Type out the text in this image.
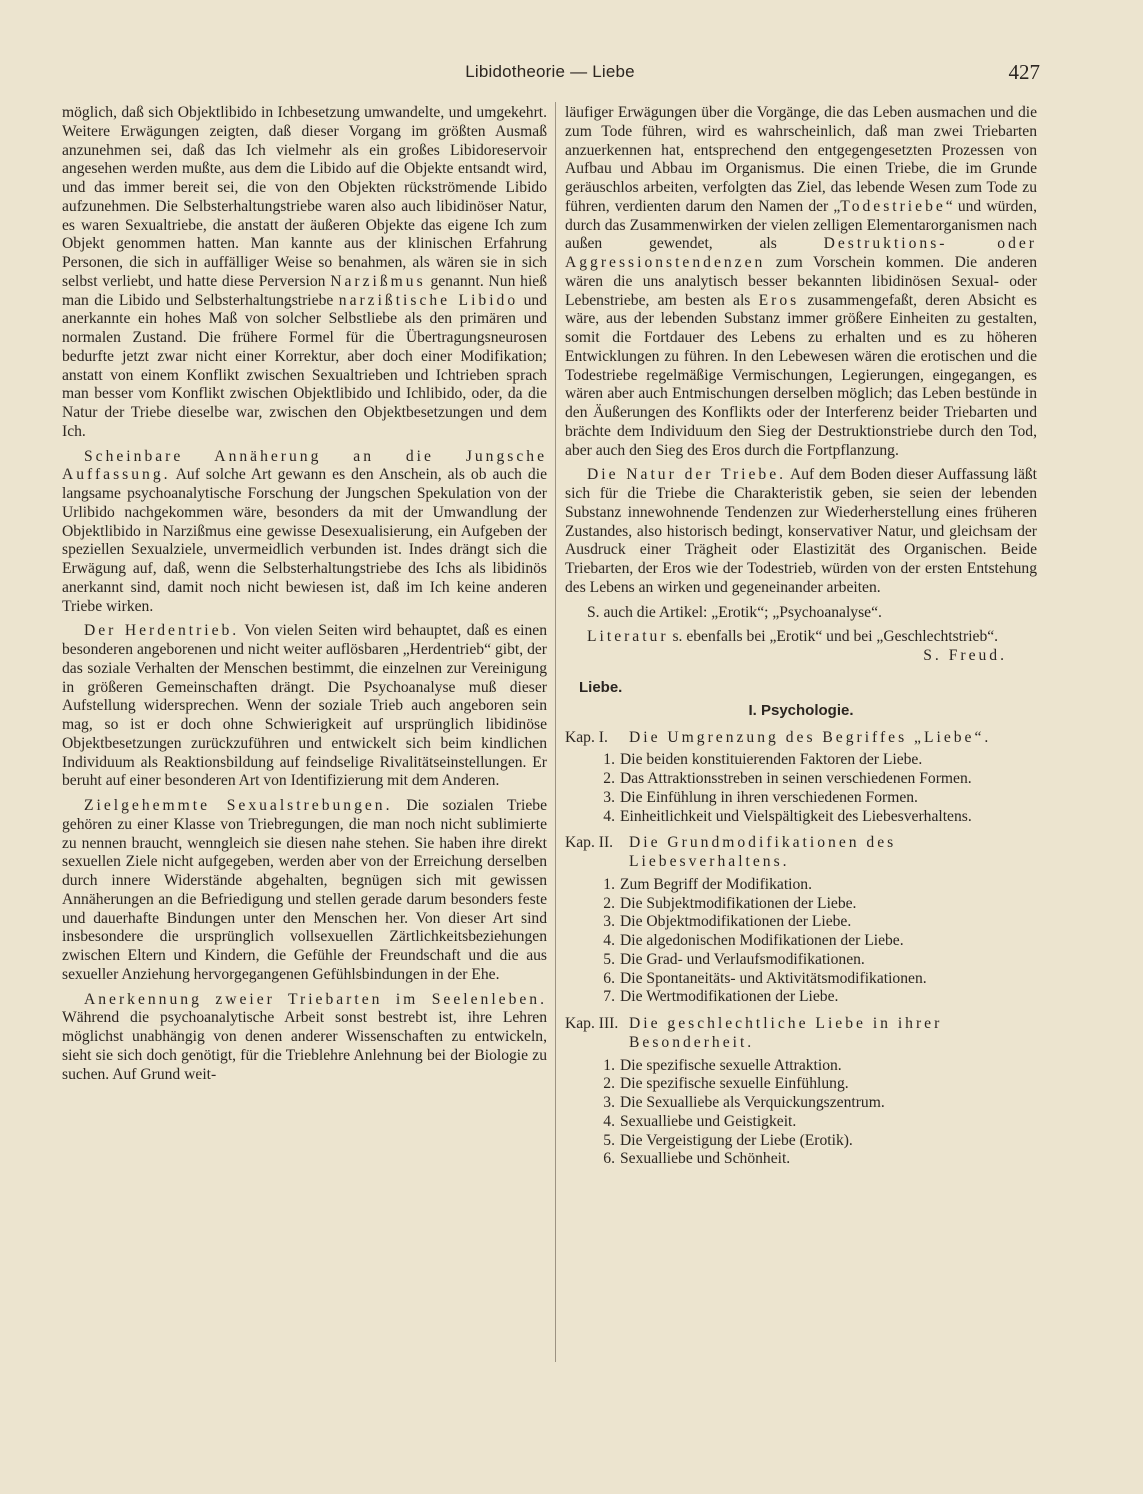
Libidotheorie — Liebe	427

möglich, daß sich Objektlibido in Ichbesetzung umwandelte, und umgekehrt. Weitere Erwägungen zeigten, daß dieser Vorgang im größten Ausmaß anzunehmen sei, daß das Ich vielmehr als ein großes Libidoreservoir angesehen werden mußte, aus dem die Libido auf die Objekte entsandt wird, und das immer bereit sei, die von den Objekten rückströmende Libido aufzunehmen. Die Selbsterhaltungstriebe waren also auch libidinöser Natur, es waren Sexualtriebe, die anstatt der äußeren Objekte das eigene Ich zum Objekt genommen hatten. Man kannte aus der klinischen Erfahrung Personen, die sich in auffälliger Weise so benahmen, als wären sie in sich selbst verliebt, und hatte diese Perversion Narzißmus genannt. Nun hieß man die Libido und Selbsterhaltungstriebe narzißtische Libido und anerkannte ein hohes Maß von solcher Selbstliebe als den primären und normalen Zustand. Die frühere Formel für die Übertragungsneurosen bedurfte jetzt zwar nicht einer Korrektur, aber doch einer Modifikation; anstatt von einem Konflikt zwischen Sexualtrieben und Ichtrieben sprach man besser vom Konflikt zwischen Objektlibido und Ichlibido, oder, da die Natur der Triebe dieselbe war, zwischen den Objektbesetzungen und dem Ich.

Scheinbare Annäherung an die Jungsche Auffassung. Auf solche Art gewann es den Anschein, als ob auch die langsame psychoanalytische Forschung der Jungschen Spekulation von der Urlibido nachgekommen wäre, besonders da mit der Umwandlung der Objektlibido in Narzißmus eine gewisse Desexualisierung, ein Aufgeben der speziellen Sexualziele, unvermeidlich verbunden ist. Indes drängt sich die Erwägung auf, daß, wenn die Selbsterhaltungstriebe des Ichs als libidinös anerkannt sind, damit noch nicht bewiesen ist, daß im Ich keine anderen Triebe wirken.

Der Herdentrieb. Von vielen Seiten wird behauptet, daß es einen besonderen angeborenen und nicht weiter auflösbaren „Herdentrieb“ gibt, der das soziale Verhalten der Menschen bestimmt, die einzelnen zur Vereinigung in größeren Gemeinschaften drängt. Die Psychoanalyse muß dieser Aufstellung widersprechen. Wenn der soziale Trieb auch angeboren sein mag, so ist er doch ohne Schwierigkeit auf ursprünglich libidinöse Objektbesetzungen zurückzuführen und entwickelt sich beim kindlichen Individuum als Reaktionsbildung auf feindselige Rivalitätseinstellungen. Er beruht auf einer besonderen Art von Identifizierung mit dem Anderen.

Zielgehemmte Sexualstrebungen. Die sozialen Triebe gehören zu einer Klasse von Triebregungen, die man noch nicht sublimierte zu nennen braucht, wenngleich sie diesen nahe stehen. Sie haben ihre direkt sexuellen Ziele nicht aufgegeben, werden aber von der Erreichung derselben durch innere Widerstände abgehalten, begnügen sich mit gewissen Annäherungen an die Befriedigung und stellen gerade darum besonders feste und dauerhafte Bindungen unter den Menschen her. Von dieser Art sind insbesondere die ursprünglich vollsexuellen Zärtlichkeitsbeziehungen zwischen Eltern und Kindern, die Gefühle der Freundschaft und die aus sexueller Anziehung hervorgegangenen Gefühlsbindungen in der Ehe.

Anerkennung zweier Triebarten im Seelenleben. Während die psychoanalytische Arbeit sonst bestrebt ist, ihre Lehren möglichst unabhängig von denen anderer Wissenschaften zu entwickeln, sieht sie sich doch genötigt, für die Trieblehre Anlehnung bei der Biologie zu suchen. Auf Grund weit-

läufiger Erwägungen über die Vorgänge, die das Leben ausmachen und die zum Tode führen, wird es wahrscheinlich, daß man zwei Triebarten anzuerkennen hat, entsprechend den entgegengesetzten Prozessen von Aufbau und Abbau im Organismus. Die einen Triebe, die im Grunde geräuschlos arbeiten, verfolgten das Ziel, das lebende Wesen zum Tode zu führen, verdienten darum den Namen der „Todestriebe“ und würden, durch das Zusammenwirken der vielen zelligen Elementarorganismen nach außen gewendet, als	Destruktions- oder Aggressionstendenzen zum Vorschein kommen. Die anderen wären die uns analytisch besser bekannten libidinösen Sexual- oder Lebenstriebe, am besten als Eros zusammengefaßt, deren Absicht es wäre, aus der lebenden Substanz immer größere Einheiten zu gestalten, somit die Fortdauer des Lebens zu erhalten und es zu höheren Entwicklungen zu führen. In den Lebewesen wären die erotischen und die Todestriebe regelmäßige Vermischungen, Legierungen, eingegangen, es wären aber auch Entmischungen derselben möglich; das Leben bestünde in den Äußerungen des Konflikts oder der Interferenz beider Triebarten und brächte dem Individuum den Sieg der Destruktionstriebe durch den Tod, aber auch den Sieg des Eros durch die Fortpflanzung.

Die Natur der Triebe. Auf dem Boden dieser Auffassung läßt sich für die Triebe die Charakteristik geben, sie seien der lebenden Substanz innewohnende Tendenzen zur Wiederherstellung eines früheren Zustandes, also historisch bedingt, konservativer Natur, und gleichsam der Ausdruck einer Trägheit oder Elastizität des Organischen. Beide Triebarten, der Eros wie der Todestrieb, würden von der ersten Entstehung des Lebens an wirken und gegeneinander arbeiten.

S. auch die Artikel: „Erotik“; „Psychoanalyse“.

Literatur s. ebenfalls bei „Erotik“ und bei „Geschlechtstrieb“.
S. Freud.

Liebe.
I. Psychologie.
Kap. I.	Die Umgrenzung des Begriffes „Liebe“.
1. Die beiden konstituierenden Faktoren der Liebe.
2. Das Attraktionsstreben in seinen verschiedenen Formen.
3. Die Einfühlung in ihren verschiedenen Formen.
4. Einheitlichkeit und Vielspältigkeit des Liebesverhaltens.
Kap. II.	Die Grundmodifikationen des Liebesverhaltens.
1. Zum Begriff der Modifikation.
2. Die Subjektmodifikationen der Liebe.
3. Die Objektmodifikationen der Liebe.
4. Die algedonischen Modifikationen der Liebe.
5. Die Grad- und Verlaufsmodifikationen.
6. Die Spontaneitäts- und Aktivitätsmodifikationen.
7. Die Wertmodifikationen der Liebe.
Kap. III. Die geschlechtliche Liebe in ihrer Besonderheit.
1. Die spezifische sexuelle Attraktion.
2. Die spezifische sexuelle Einfühlung.
3. Die Sexualliebe als Verquickungszentrum.
4. Sexualliebe und Geistigkeit.
5. Die Vergeistigung der Liebe (Erotik).
6. Sexualliebe und Schönheit.
